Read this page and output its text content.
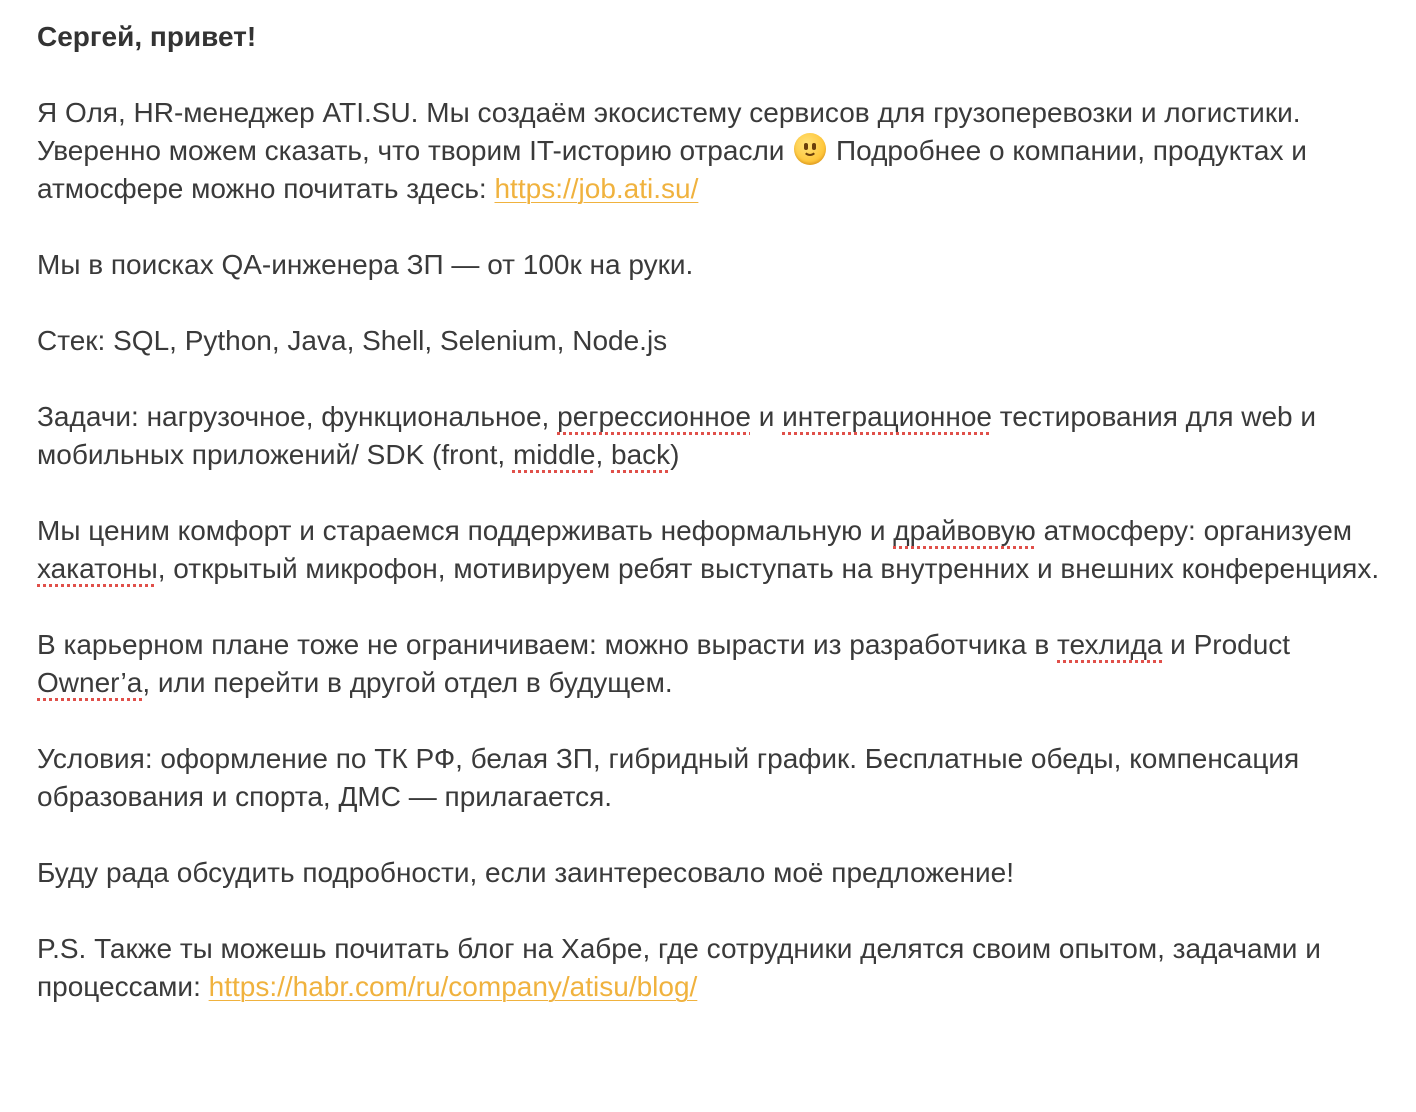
Сергей, привет!

Я Оля, HR-менеджер ATI.SU. Мы создаём экосистему сервисов для грузоперевозки и логистики. Уверенно можем сказать, что творим IT-историю отрасли
Подробнее о компании, продуктах и атмосфере можно почитать здесь: https://job.ati.su/

Мы в поисках QA-инженера ЗП — от 100к на руки.

Стек: SQL, Python, Java, Shell, Selenium, Node.js

Задачи: нагрузочное, функциональное, регрессионное и интеграционное тестирования для web и мобильных приложений/ SDK (front, middle, back)

Мы ценим комфорт и стараемся поддерживать неформальную и драйвовую атмосферу: организуем хакатоны, открытый микрофон, мотивируем ребят выступать на внутренних и внешних конференциях.

В карьерном плане тоже не ограничиваем: можно вырасти из разработчика в техлида и Product Owner’a, или перейти в другой отдел в будущем.

Условия: оформление по ТК РФ, белая ЗП, гибридный график. Бесплатные обеды, компенсация образования и спорта, ДМС — прилагается.

Буду рада обсудить подробности, если заинтересовало моё предложение!

P.S. Также ты можешь почитать блог на Хабре, где сотрудники делятся своим опытом, задачами и процессами: https://habr.com/ru/company/atisu/blog/
